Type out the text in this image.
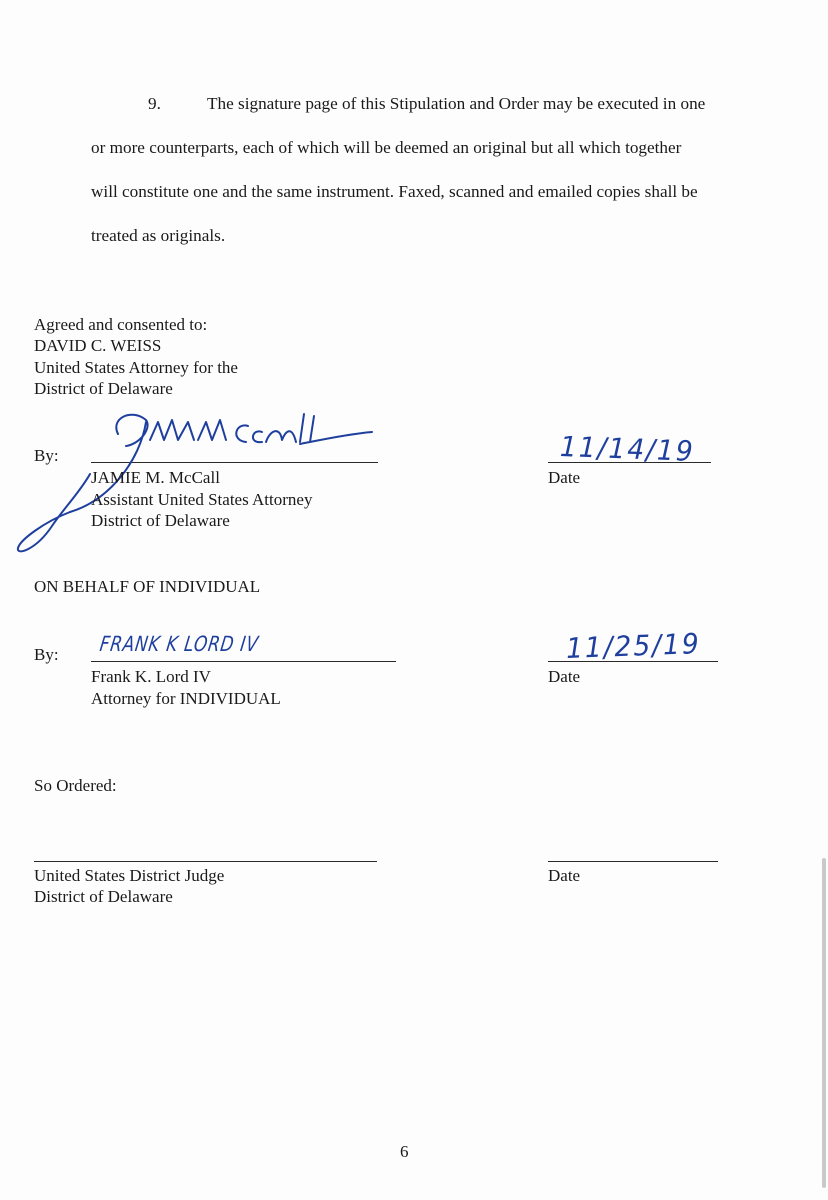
9.	The signature page of this Stipulation and Order may be executed in one
or more counterparts, each of which will be deemed an original but all which together
will constitute one and the same instrument. Faxed, scanned and emailed copies shall be
treated as originals.
Agreed and consented to:
DAVID C. WEISS
United States Attorney for the
District of Delaware
By:
JAMIE M. McCall
Assistant United States Attorney
District of Delaware
11/14/19
Date
ON BEHALF OF INDIVIDUAL
By: FRANK K LORD IV
Frank K. Lord IV
Attorney for INDIVIDUAL
11/25/19
Date
So Ordered:
United States District Judge
District of Delaware
Date
6
